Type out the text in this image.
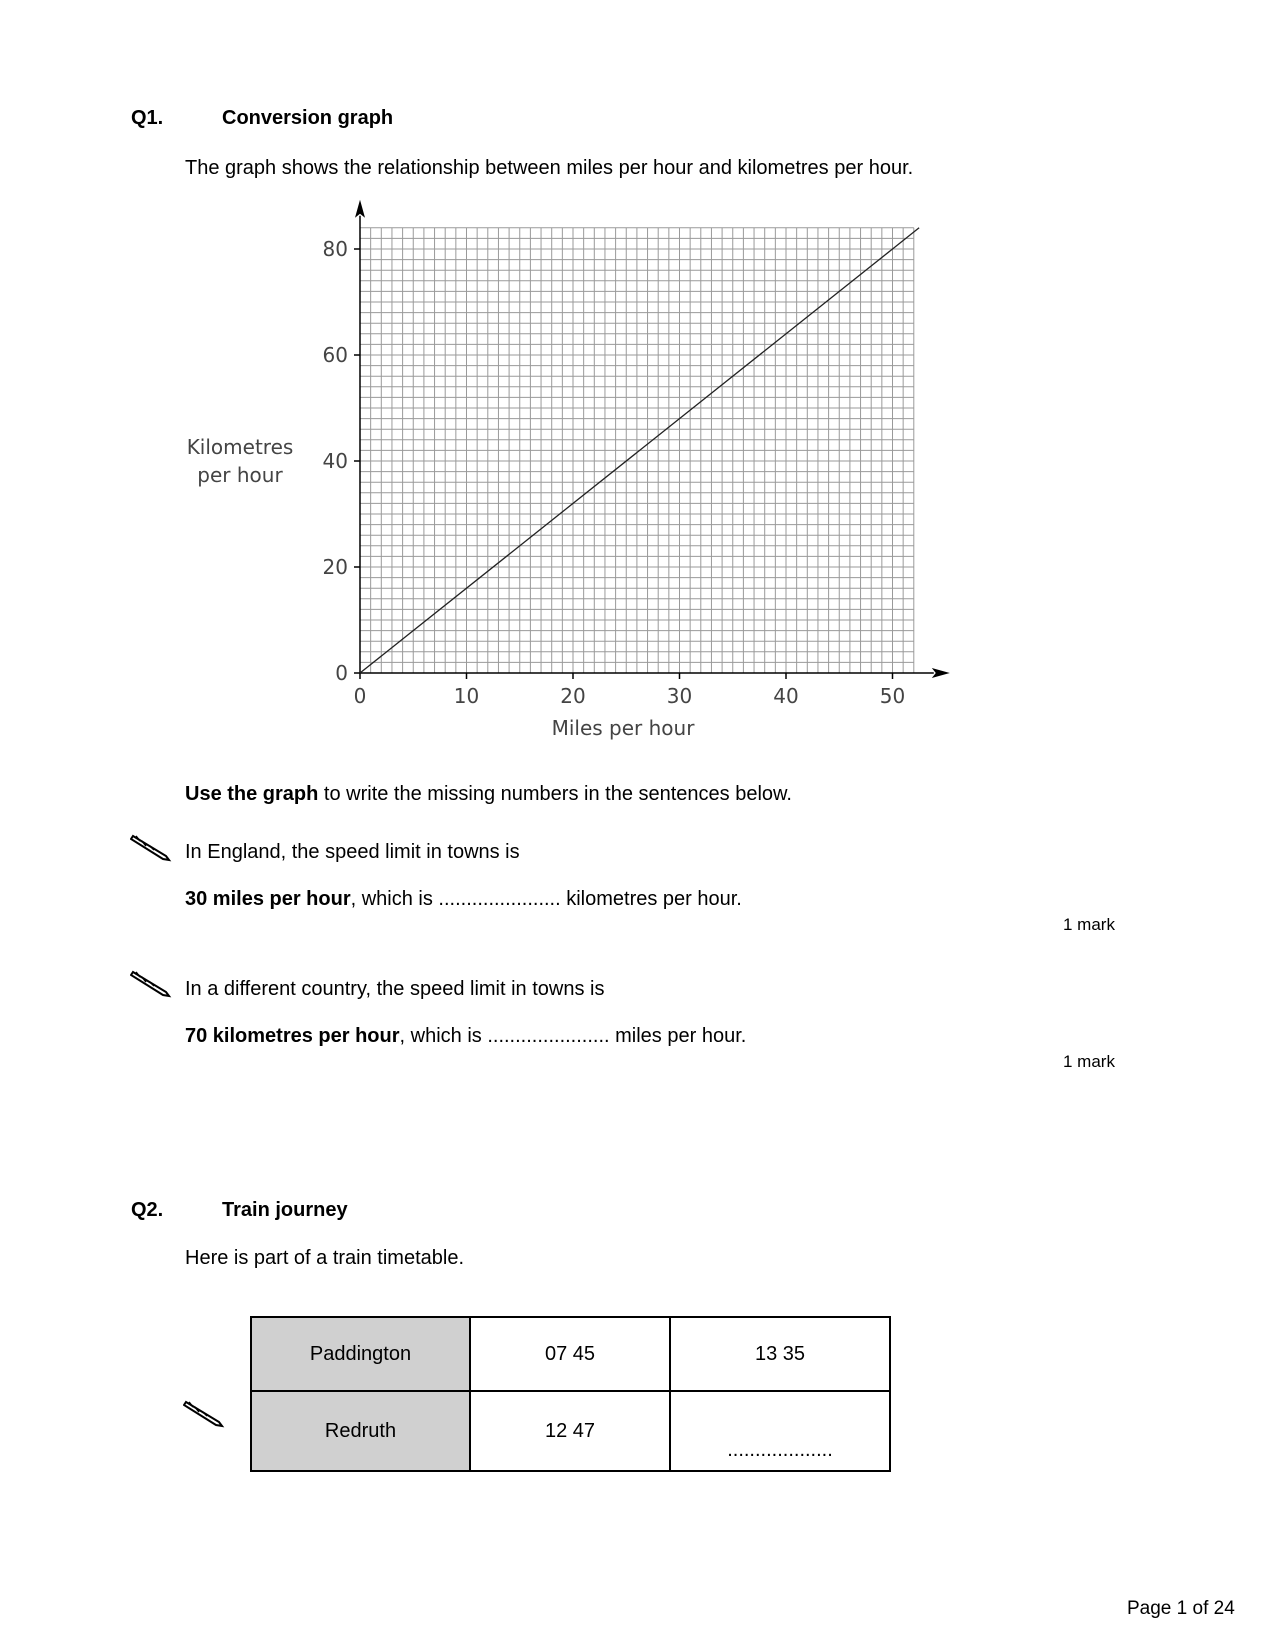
Q1.	Conversion graph
The graph shows the relationship between miles per hour and kilometres per hour.
0	10	20	30	40	50
0
20
40
60
80
Miles per hour
Kilometres
per hour
Use the graph to write the missing numbers in the sentences below.
In England, the speed limit in towns is
30 miles per hour, which is ...................... kilometres per hour.
1 mark
In a different country, the speed limit in towns is
70 kilometres per hour, which is ...................... miles per hour.
1 mark
Q2.	Train journey
Here is part of a train timetable.
Paddington	07 45	13 35
Redruth	12 47	...................
Page 1 of 24
